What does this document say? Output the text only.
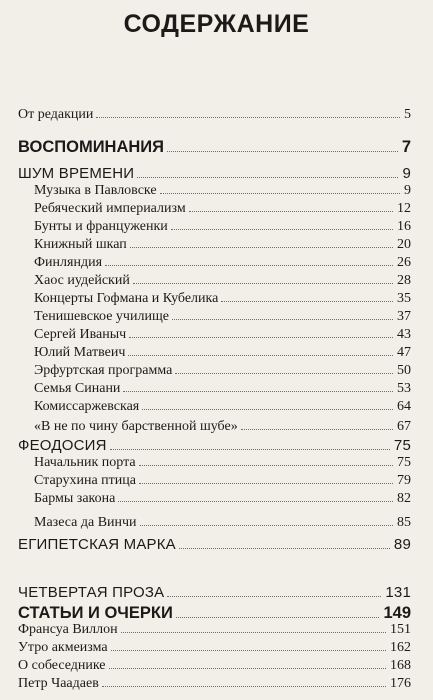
СОДЕРЖАНИЕ
От редакции	5
ВОСПОМИНАНИЯ	7
ШУМ ВРЕМЕНИ	9
Музыка в Павловске	9
Ребяческий империализм	12
Бунты и француженки	16
Книжный шкап	20
Финляндия	26
Хаос иудейский	28
Концерты Гофмана и Кубелика	35
Тенишевское училище	37
Сергей Иваныч	43
Юлий Матвеич	47
Эрфуртская программа	50
Семья Синани	53
Комиссаржевская	64
«В не по чину барственной шубе»	67
ФЕОДОСИЯ	75
Начальник порта	75
Старухина птица	79
Бармы закона	82
Мазеса да Винчи	85
ЕГИПЕТСКАЯ МАРКА	89
ЧЕТВЕРТАЯ ПРОЗА	131
СТАТЬИ И ОЧЕРКИ	149
Франсуа Виллон	151
Утро акмеизма	162
О собеседнике	168
Петр Чаадаев	176
